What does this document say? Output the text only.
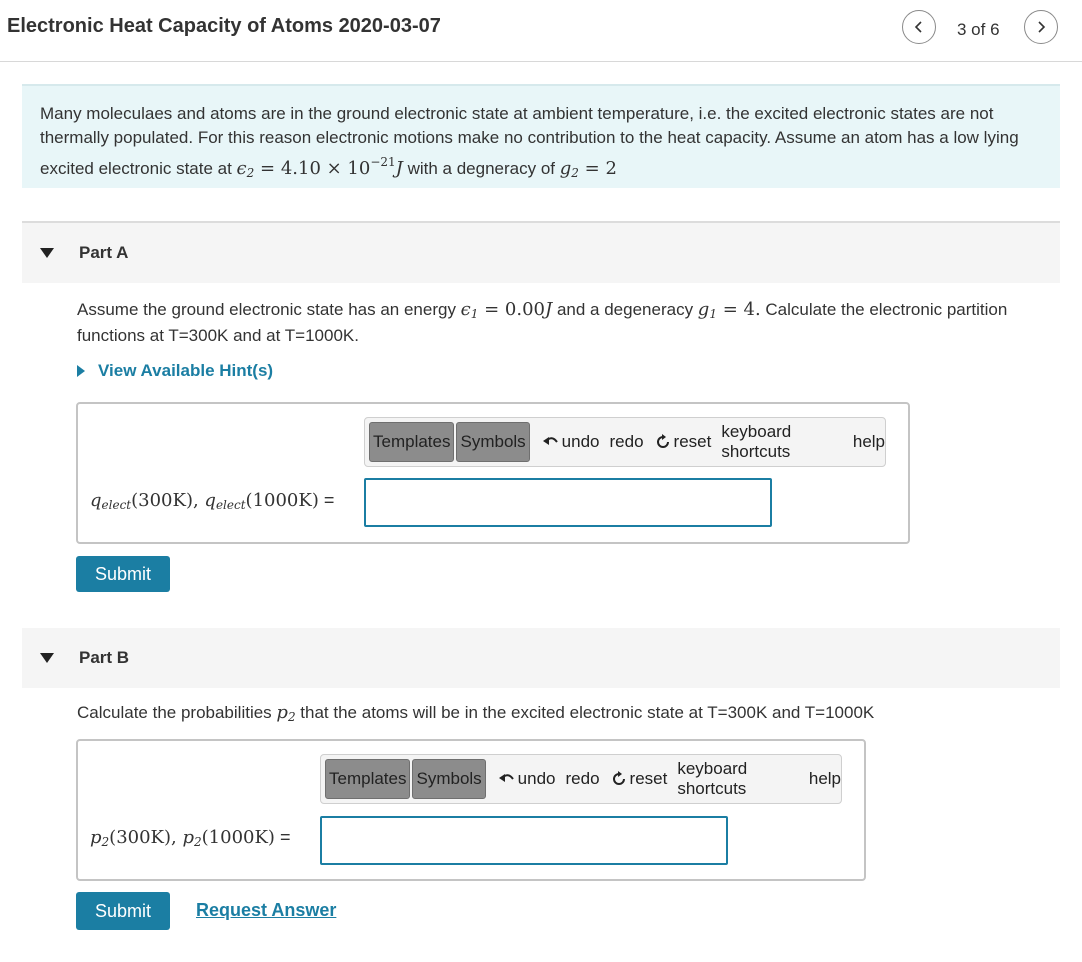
Electronic Heat Capacity of Atoms 2020-03-07	3 of 6
Many moleculaes and atoms are in the ground electronic state at ambient temperature, i.e. the excited electronic states are not thermally populated. For this reason electronic motions make no contribution to the heat capacity. Assume an atom has a low lying excited electronic state at $\epsilon_2 = 4.10 \times 10^{-21}J$ with a degneracy of $g_2 = 2$
Part A
Assume the ground electronic state has an energy $\epsilon_1 = 0.00J$ and a degeneracy $g_1 = 4$. Calculate the electronic partition functions at T=300K and at T=1000K.
View Available Hint(s)
Templates Symbols undo redo reset
keyboard shortcuts
help
$q_{elect}(300K)$, $q_{elect}(1000K)$ =
Submit
Part B
Calculate the probabilities $p_2$ that the atoms will be in the excited electronic state at T=300K and T=1000K
Templates Symbols undo redo reset
keyboard shortcuts
help
$p_2(300K)$, $p_2(1000K)$ =
Submit	Request Answer
